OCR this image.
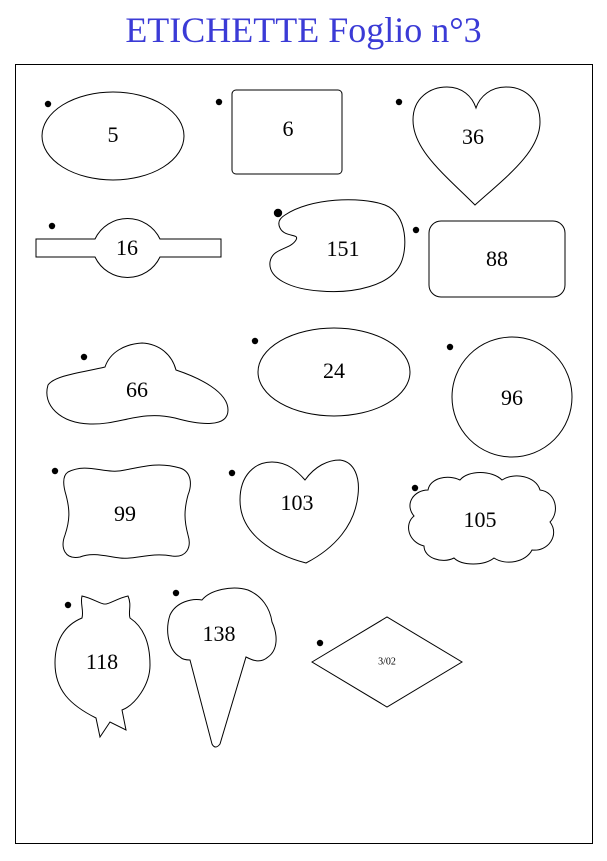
ETICHETTE Foglio n°3
5	6	36
16	151	88
66
24
96
99	103
105
118
138
3/02
